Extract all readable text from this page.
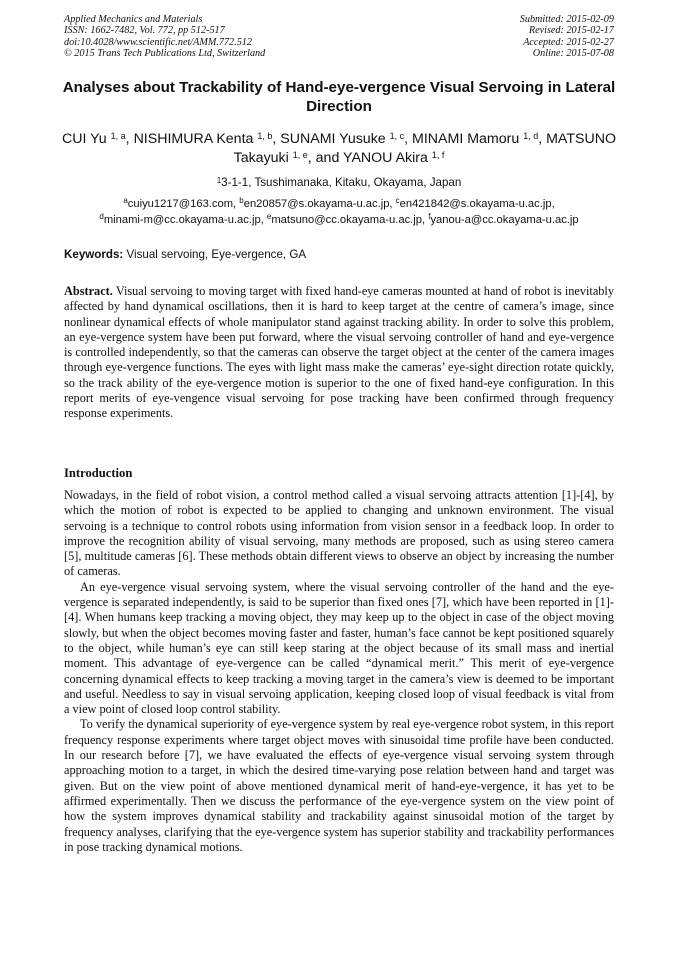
Applied Mechanics and Materials
ISSN: 1662-7482, Vol. 772, pp 512-517
doi:10.4028/www.scientific.net/AMM.772.512
© 2015 Trans Tech Publications Ltd, Switzerland
Submitted: 2015-02-09
Revised: 2015-02-17
Accepted: 2015-02-27
Online: 2015-07-08
Analyses about Trackability of Hand-eye-vergence Visual Servoing in Lateral Direction
CUI Yu $^{1, a}$, NISHIMURA Kenta $^{1, b}$, SUNAMI Yusuke $^{1, c}$, MINAMI Mamoru $^{1, d}$, MATSUNO Takayuki $^{1, e}$, and YANOU Akira $^{1, f}$
$^1$3-1-1, Tsushimanaka, Kitaku, Okayama, Japan
$^a$cuiyu1217@163.com, $^b$en20857@s.okayama-u.ac.jp, $^c$en421842@s.okayama-u.ac.jp,
$^d$minami-m@cc.okayama-u.ac.jp, $^e$matsuno@cc.okayama-u.ac.jp, $^f$yanou-a@cc.okayama-u.ac.jp
Keywords: Visual servoing, Eye-vergence, GA
Abstract. Visual servoing to moving target with fixed hand-eye cameras mounted at hand of robot is inevitably affected by hand dynamical oscillations, then it is hard to keep target at the centre of camera’s image, since nonlinear dynamical effects of whole manipulator stand against tracking ability. In order to solve this problem, an eye-vergence system have been put forward, where the visual servoing controller of hand and eye-vergence is controlled independently, so that the cameras can observe the target object at the center of the camera images through eye-vergence functions. The eyes with light mass make the cameras’ eye-sight direction rotate quickly, so the track ability of the eye-vergence motion is superior to the one of fixed hand-eye configuration. In this report merits of eye-vengence visual servoing for pose tracking have been confirmed through frequency response experiments.
Introduction

Nowadays, in the field of robot vision, a control method called a visual servoing attracts attention [1]-[4], by which the motion of robot is expected to be applied to changing and unknown environment. The visual servoing is a technique to control robots using information from vision sensor in a feedback loop. In order to improve the recognition ability of visual servoing, many methods are proposed, such as using stereo camera [5], multitude cameras [6]. These methods obtain different views to observe an object by increasing the number of cameras.

An eye-vergence visual servoing system, where the visual servoing controller of the hand and the eye-vergence is separated independently, is said to be superior than fixed ones [7], which have been reported in [1]-[4]. When humans keep tracking a moving object, they may keep up to the object in case of the object moving slowly, but when the object becomes moving faster and faster, human’s face cannot be kept positioned squarely to the object, while human’s eye can still keep staring at the object because of its small mass and inertial moment. This advantage of eye-vergence can be called “dynamical merit.” This merit of eye-vergence concerning dynamical effects to keep tracking a moving target in the camera’s view is deemed to be important and useful. Needless to say in visual servoing application, keeping closed loop of visual feedback is vital from a view point of closed loop control stability.

To verify the dynamical superiority of eye-vergence system by real eye-vergence robot system, in this report frequency response experiments where target object moves with sinusoidal time profile have been conducted. In our research before [7], we have evaluated the effects of eye-vergence visual servoing system through approaching motion to a target, in which the desired time-varying pose relation between hand and target was given. But on the view point of above mentioned dynamical merit of hand-eye-vergence, it has yet to be affirmed experimentally. Then we discuss the performance of the eye-vergence system on the view point of how the system improves dynamical stability and trackability against sinusoidal motion of the target by frequency analyses, clarifying that the eye-vergence system has superior stability and trackability performances in pose tracking dynamical motions.
